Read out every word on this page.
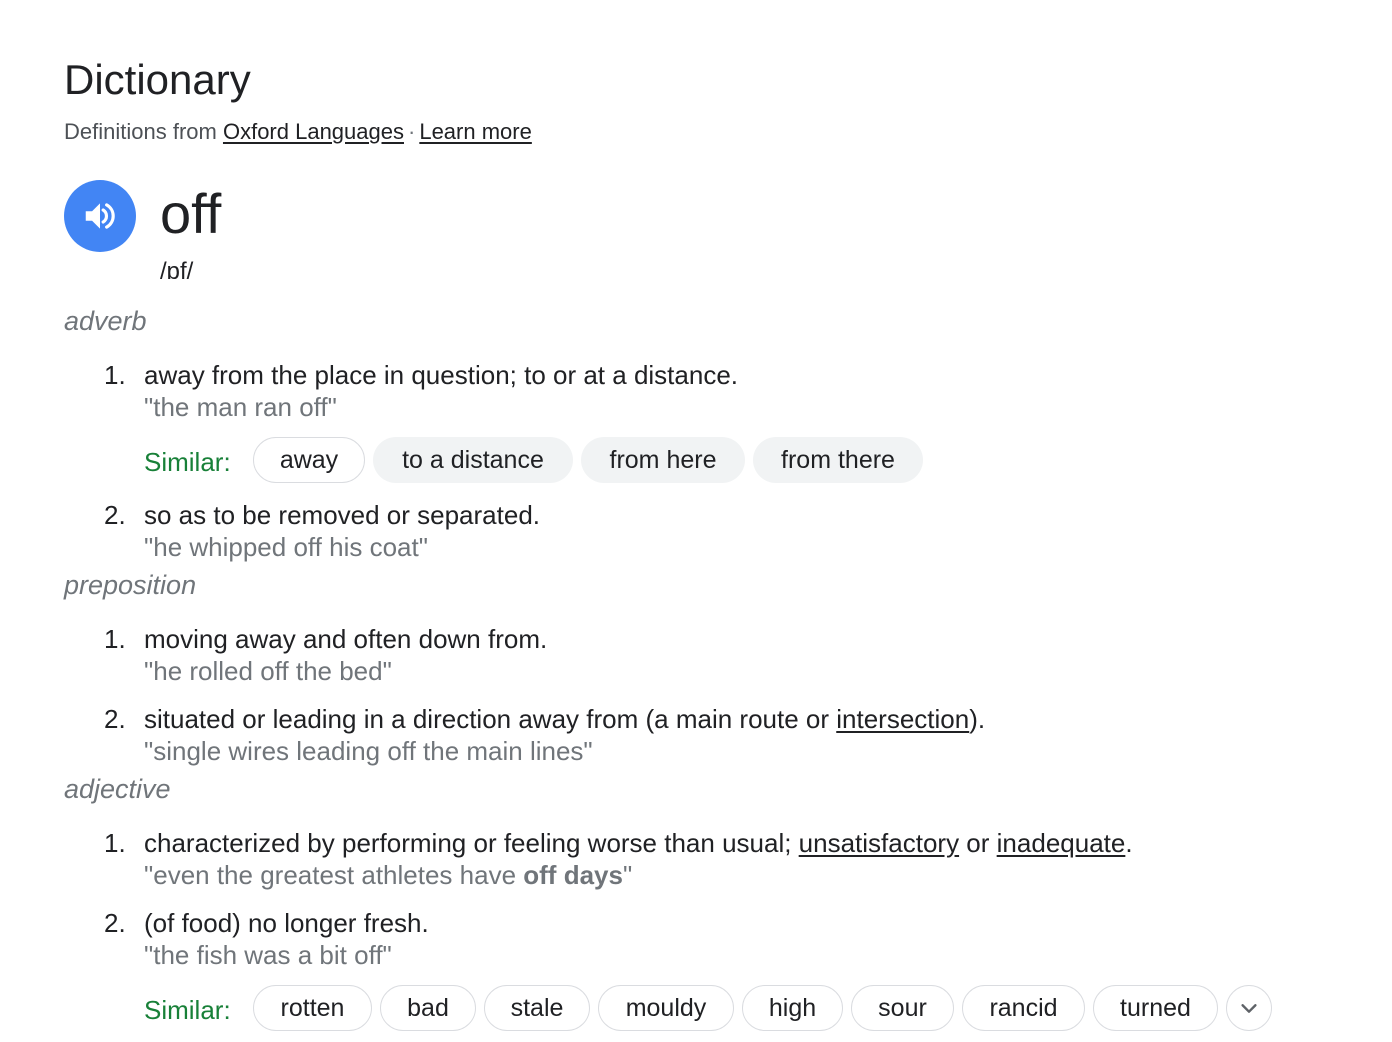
Dictionary
Definitions from Oxford Languages · Learn more
off
/ɒf/
adverb
1. away from the place in question; to or at a distance.
"the man ran off"
Similar:	away	to a distance	from here	from there
2. so as to be removed or separated.
"he whipped off his coat"
preposition
1. moving away and often down from.
"he rolled off the bed"
2. situated or leading in a direction away from (a main route or intersection).
"single wires leading off the main lines"
adjective
1. characterized by performing or feeling worse than usual; unsatisfactory or inadequate.
"even the greatest athletes have off days"
2. (of food) no longer fresh.
"the fish was a bit off"
Similar:	rotten	bad	stale	mouldy	high	sour	rancid	turned
